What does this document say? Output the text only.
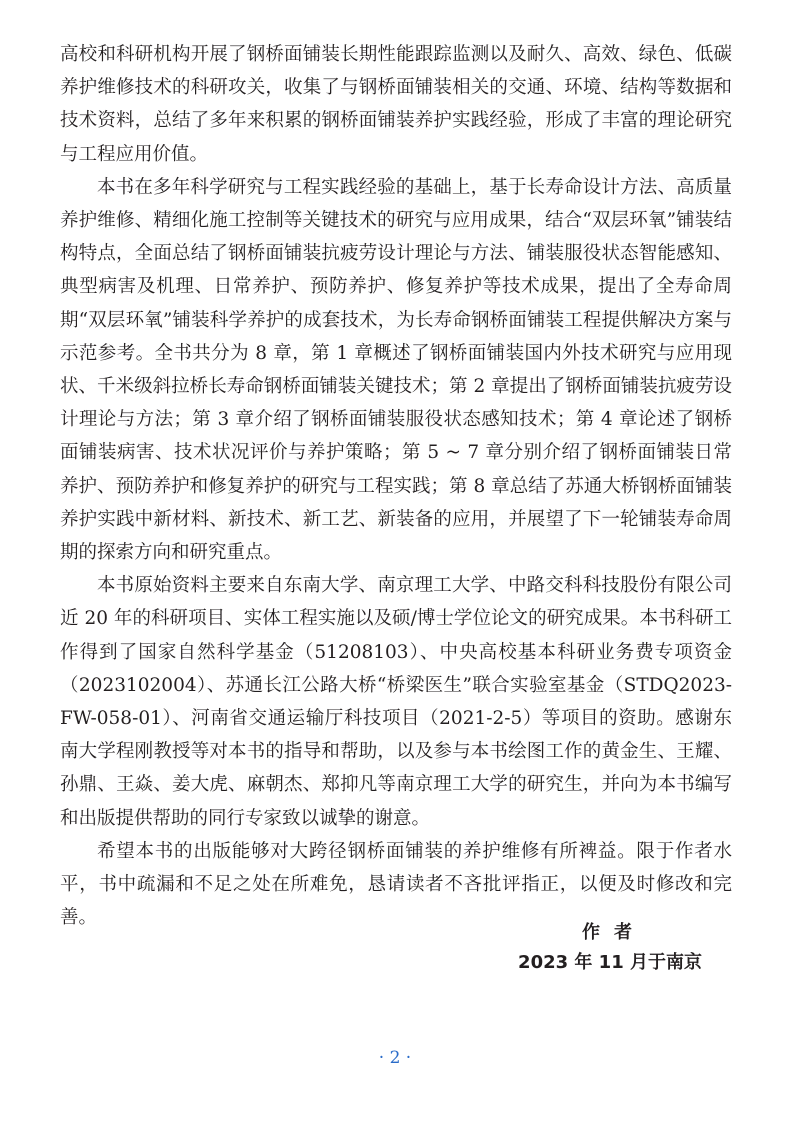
高校和科研机构开展了钢桥面铺装长期性能跟踪监测以及耐久、高效、绿色、低碳养护维修技术的科研攻关，收集了与钢桥面铺装相关的交通、环境、结构等数据和技术资料，总结了多年来积累的钢桥面铺装养护实践经验，形成了丰富的理论研究与工程应用价值。

本书在多年科学研究与工程实践经验的基础上，基于长寿命设计方法、高质量养护维修、精细化施工控制等关键技术的研究与应用成果，结合“双层环氧”铺装结构特点，全面总结了钢桥面铺装抗疲劳设计理论与方法、铺装服役状态智能感知、典型病害及机理、日常养护、预防养护、修复养护等技术成果，提出了全寿命周期“双层环氧”铺装科学养护的成套技术，为长寿命钢桥面铺装工程提供解决方案与示范参考。全书共分为 8 章，第 1 章概述了钢桥面铺装国内外技术研究与应用现状、千米级斜拉桥长寿命钢桥面铺装关键技术；第 2 章提出了钢桥面铺装抗疲劳设计理论与方法；第 3 章介绍了钢桥面铺装服役状态感知技术；第 4 章论述了钢桥面铺装病害、技术状况评价与养护策略；第 5 ~ 7 章分别介绍了钢桥面铺装日常养护、预防养护和修复养护的研究与工程实践；第 8 章总结了苏通大桥钢桥面铺装养护实践中新材料、新技术、新工艺、新装备的应用，并展望了下一轮铺装寿命周期的探索方向和研究重点。

本书原始资料主要来自东南大学、南京理工大学、中路交科科技股份有限公司近 20 年的科研项目、实体工程实施以及硕/博士学位论文的研究成果。本书科研工作得到了国家自然科学基金（51208103）、中央高校基本科研业务费专项资金（2023102004）、苏通长江公路大桥“桥梁医生”联合实验室基金（STDQ2023-FW-058-01）、河南省交通运输厅科技项目（2021-2-5）等项目的资助。感谢东南大学程刚教授等对本书的指导和帮助，以及参与本书绘图工作的黄金生、王耀、孙鼎、王焱、姜大虎、麻朝杰、郑抑凡等南京理工大学的研究生，并向为本书编写和出版提供帮助的同行专家致以诚挚的谢意。

希望本书的出版能够对大跨径钢桥面铺装的养护维修有所裨益。限于作者水平，书中疏漏和不足之处在所难免，恳请读者不吝批评指正，以便及时修改和完善。

作者
2023 年 11 月于南京
· 2 ·
